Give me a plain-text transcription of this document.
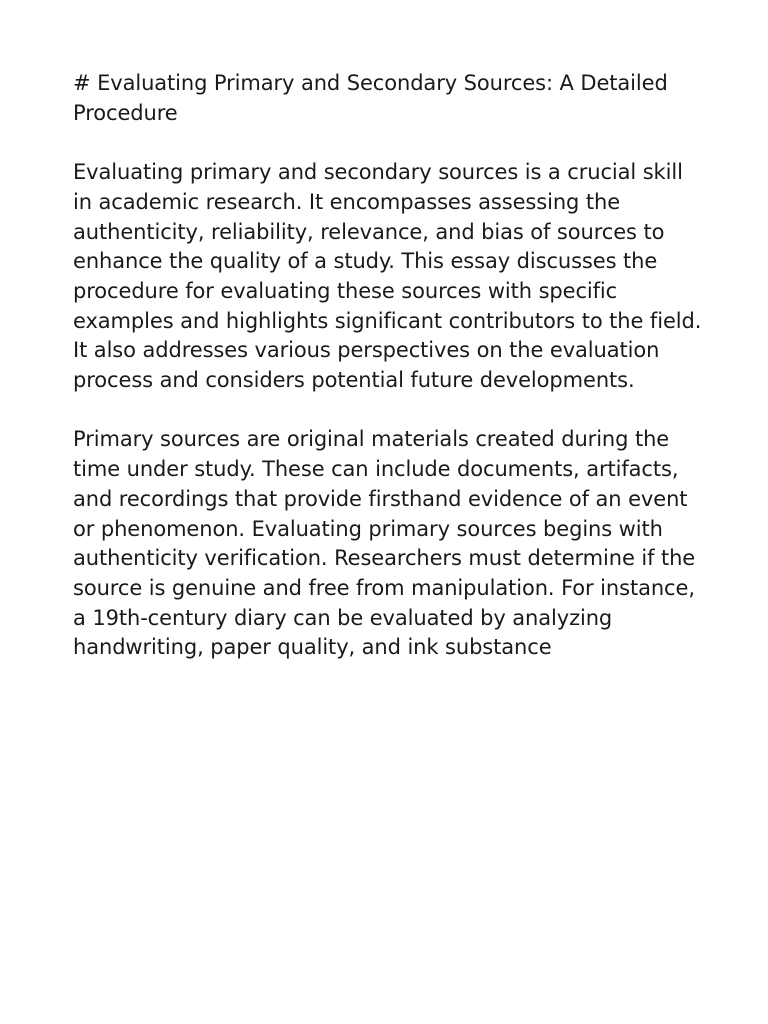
# Evaluating Primary and Secondary Sources: A Detailed Procedure

Evaluating primary and secondary sources is a crucial skill in academic research. It encompasses assessing the authenticity, reliability, relevance, and bias of sources to enhance the quality of a study. This essay discusses the procedure for evaluating these sources with specific examples and highlights significant contributors to the field. It also addresses various perspectives on the evaluation process and considers potential future developments.

Primary sources are original materials created during the time under study. These can include documents, artifacts, and recordings that provide firsthand evidence of an event or phenomenon. Evaluating primary sources begins with authenticity verification. Researchers must determine if the source is genuine and free from manipulation. For instance, a 19th-century diary can be evaluated by analyzing handwriting, paper quality, and ink substance
